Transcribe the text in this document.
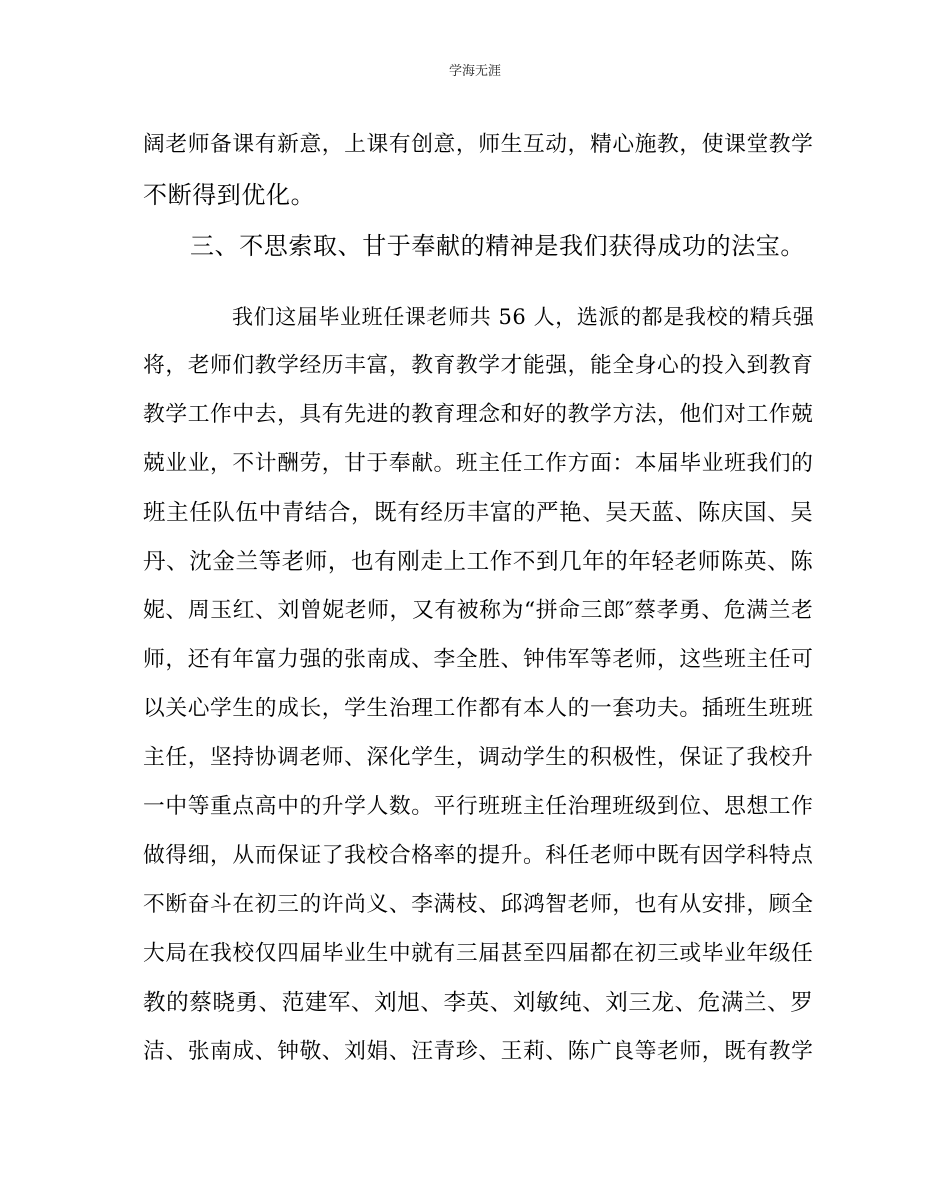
学海无涯
阔老师备课有新意，上课有创意，师生互动，精心施教，使课堂教学
不断得到优化。
三、不思索取、甘于奉献的精神是我们获得成功的法宝。
我们这届毕业班任课老师共 56 人，选派的都是我校的精兵强
将，老师们教学经历丰富，教育教学才能强，能全身心的投入到教育
教学工作中去，具有先进的教育理念和好的教学方法，他们对工作兢
兢业业，不计酬劳，甘于奉献。班主任工作方面：本届毕业班我们的
班主任队伍中青结合，既有经历丰富的严艳、吴天蓝、陈庆国、吴
丹、沈金兰等老师，也有刚走上工作不到几年的年轻老师陈英、陈
妮、周玉红、刘曾妮老师，又有被称为“拼命三郎″蔡孝勇、危满兰老
师，还有年富力强的张南成、李全胜、钟伟军等老师，这些班主任可
以关心学生的成长，学生治理工作都有本人的一套功夫。插班生班班
主任，坚持协调老师、深化学生，调动学生的积极性，保证了我校升
一中等重点高中的升学人数。平行班班主任治理班级到位、思想工作
做得细，从而保证了我校合格率的提升。科任老师中既有因学科特点
不断奋斗在初三的许尚义、李满枝、邱鸿智老师，也有从安排，顾全
大局在我校仅四届毕业生中就有三届甚至四届都在初三或毕业年级任
教的蔡晓勇、范建军、刘旭、李英、刘敏纯、刘三龙、危满兰、罗
洁、张南成、钟敬、刘娟、汪青珍、王莉、陈广良等老师，既有教学
